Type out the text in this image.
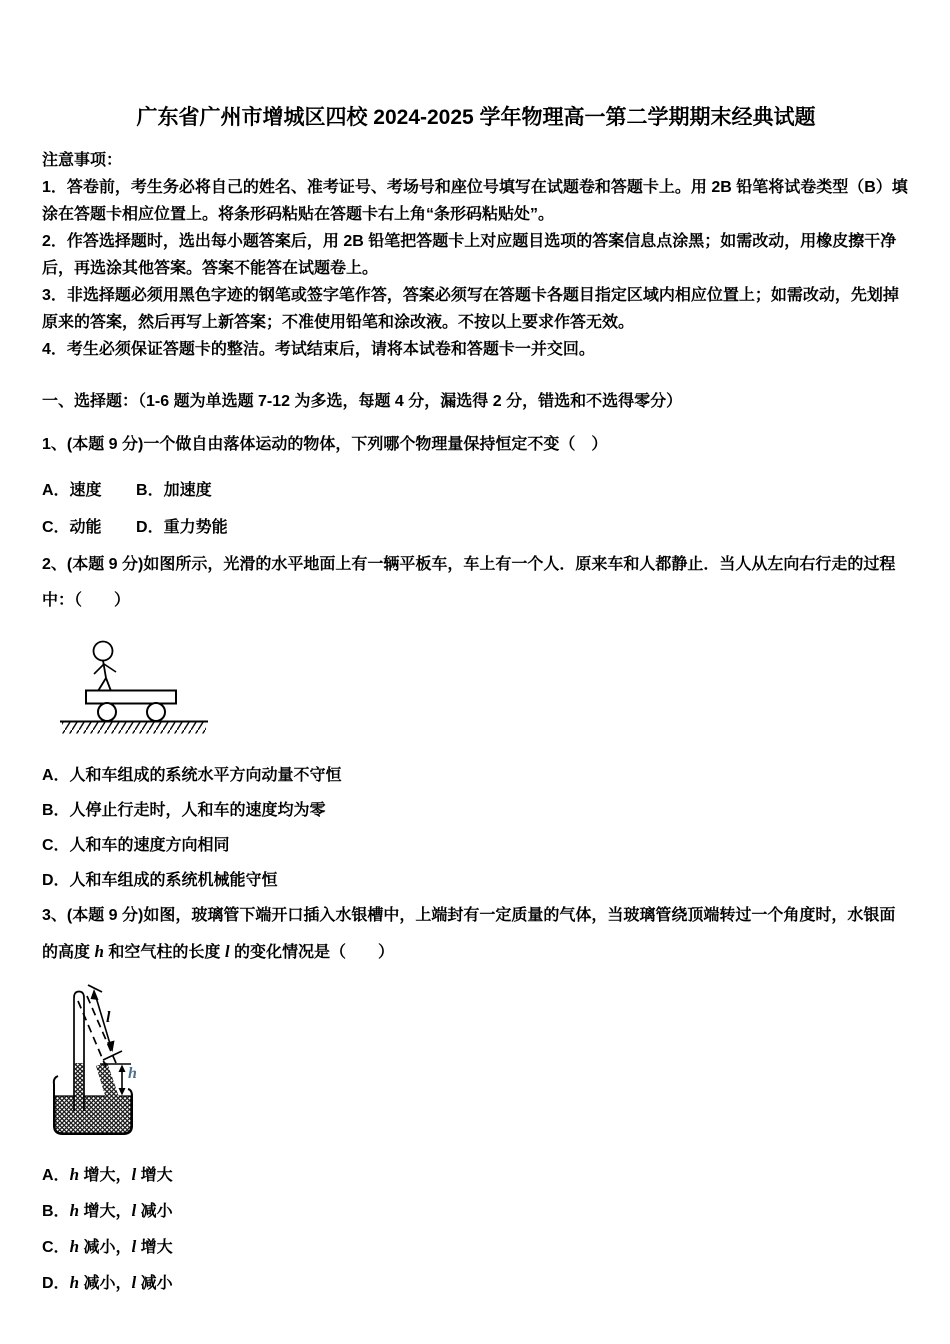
广东省广州市增城区四校 2024-2025 学年物理高一第二学期期末经典试题
注意事项：

1．答卷前，考生务必将自己的姓名、准考证号、考场号和座位号填写在试题卷和答题卡上。用 2B 铅笔将试卷类型（B）填涂在答题卡相应位置上。将条形码粘贴在答题卡右上角“条形码粘贴处”。

2．作答选择题时，选出每小题答案后，用 2B 铅笔把答题卡上对应题目选项的答案信息点涂黑；如需改动，用橡皮擦干净后，再选涂其他答案。答案不能答在试题卷上。

3．非选择题必须用黑色字迹的钢笔或签字笔作答，答案必须写在答题卡各题目指定区域内相应位置上；如需改动，先划掉原来的答案，然后再写上新答案；不准使用铅笔和涂改液。不按以上要求作答无效。

4．考生必须保证答题卡的整洁。考试结束后，请将本试卷和答题卡一并交回。

一、选择题：（1-6 题为单选题 7-12 为多选，每题 4 分，漏选得 2 分，错选和不选得零分）

1、(本题 9 分)一个做自由落体运动的物体，下列哪个物理量保持恒定不变（　）

A．速度 B．加速度
C．动能 D．重力势能

2、(本题 9 分)如图所示，光滑的水平地面上有一辆平板车，车上有一个人．原来车和人都静止．当人从左向右行走的过程中：（　　）

A．人和车组成的系统水平方向动量不守恒
B．人停止行走时，人和车的速度均为零
C．人和车的速度方向相同
D．人和车组成的系统机械能守恒

3、(本题 9 分)如图，玻璃管下端开口插入水银槽中，上端封有一定质量的气体，当玻璃管绕顶端转过一个角度时，水银面的高度 h 和空气柱的长度 l 的变化情况是（　　）

l
h
A．h 增大，l 增大
B．h 增大，l 减小
C．h 减小，l 增大
D．h 减小，l 减小
